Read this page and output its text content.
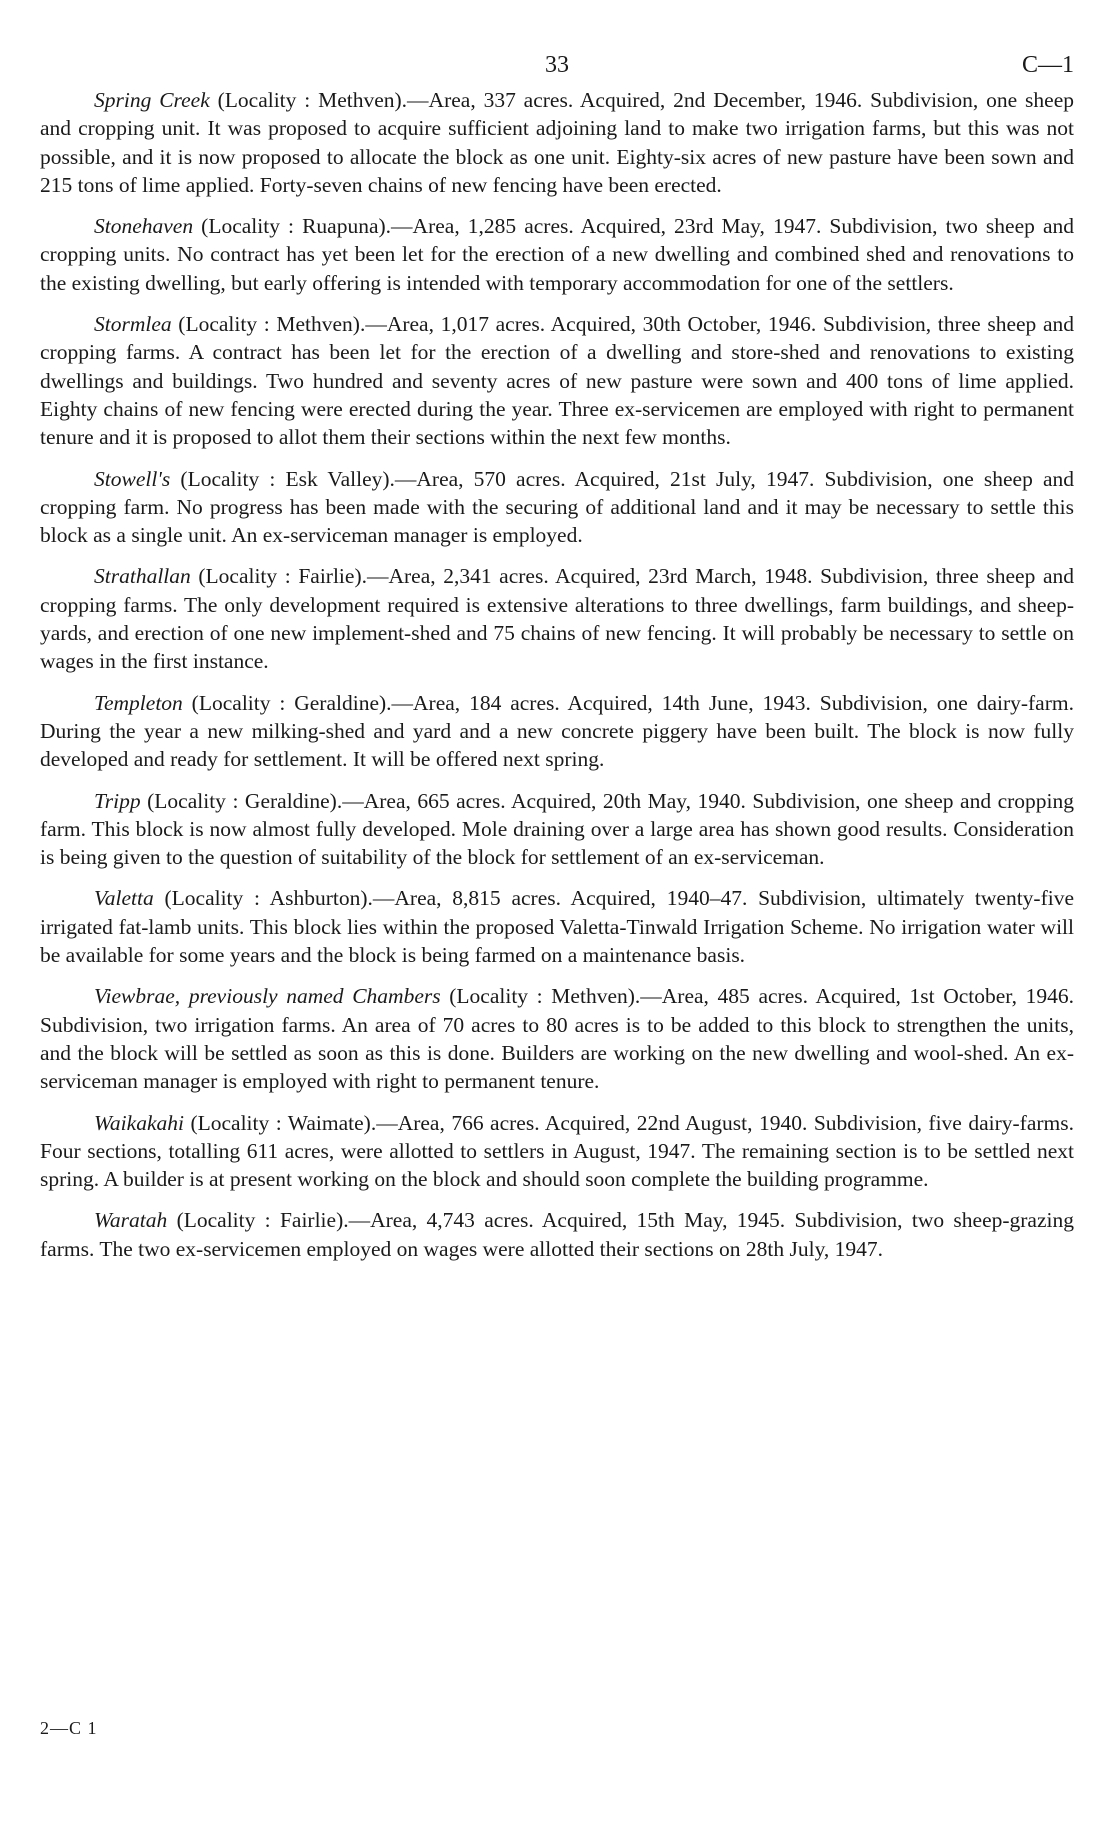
33	C—1

Spring Creek (Locality : Methven).—Area, 337 acres. Acquired, 2nd December, 1946. Subdivision, one sheep and cropping unit. It was proposed to acquire sufficient adjoining land to make two irrigation farms, but this was not possible, and it is now proposed to allocate the block as one unit. Eighty-six acres of new pasture have been sown and 215 tons of lime applied. Forty-seven chains of new fencing have been erected.

Stonehaven (Locality : Ruapuna).—Area, 1,285 acres. Acquired, 23rd May, 1947. Subdivision, two sheep and cropping units. No contract has yet been let for the erection of a new dwelling and combined shed and renovations to the existing dwelling, but early offering is intended with temporary accommodation for one of the settlers.

Stormlea (Locality : Methven).—Area, 1,017 acres. Acquired, 30th October, 1946. Subdivision, three sheep and cropping farms. A contract has been let for the erection of a dwelling and store-shed and renovations to existing dwellings and buildings. Two hundred and seventy acres of new pasture were sown and 400 tons of lime applied. Eighty chains of new fencing were erected during the year. Three ex-servicemen are employed with right to permanent tenure and it is proposed to allot them their sections within the next few months.

Stowell's (Locality : Esk Valley).—Area, 570 acres. Acquired, 21st July, 1947. Subdivision, one sheep and cropping farm. No progress has been made with the securing of additional land and it may be necessary to settle this block as a single unit. An ex-serviceman manager is employed.

Strathallan (Locality : Fairlie).—Area, 2,341 acres. Acquired, 23rd March, 1948. Subdivision, three sheep and cropping farms. The only development required is extensive alterations to three dwellings, farm buildings, and sheep-yards, and erection of one new implement-shed and 75 chains of new fencing. It will probably be necessary to settle on wages in the first instance.

Templeton (Locality : Geraldine).—Area, 184 acres. Acquired, 14th June, 1943. Subdivision, one dairy-farm. During the year a new milking-shed and yard and a new concrete piggery have been built. The block is now fully developed and ready for settlement. It will be offered next spring.

Tripp (Locality : Geraldine).—Area, 665 acres. Acquired, 20th May, 1940. Subdivision, one sheep and cropping farm. This block is now almost fully developed. Mole draining over a large area has shown good results. Consideration is being given to the question of suitability of the block for settlement of an ex-serviceman.

Valetta (Locality : Ashburton).—Area, 8,815 acres. Acquired, 1940–47. Subdivision, ultimately twenty-five irrigated fat-lamb units. This block lies within the proposed Valetta-Tinwald Irrigation Scheme. No irrigation water will be available for some years and the block is being farmed on a maintenance basis.

Viewbrae, previously named Chambers (Locality : Methven).—Area, 485 acres. Acquired, 1st October, 1946. Subdivision, two irrigation farms. An area of 70 acres to 80 acres is to be added to this block to strengthen the units, and the block will be settled as soon as this is done. Builders are working on the new dwelling and wool-shed. An ex-serviceman manager is employed with right to permanent tenure.

Waikakahi (Locality : Waimate).—Area, 766 acres. Acquired, 22nd August, 1940. Subdivision, five dairy-farms. Four sections, totalling 611 acres, were allotted to settlers in August, 1947. The remaining section is to be settled next spring. A builder is at present working on the block and should soon complete the building programme.

Waratah (Locality : Fairlie).—Area, 4,743 acres. Acquired, 15th May, 1945. Subdivision, two sheep-grazing farms. The two ex-servicemen employed on wages were allotted their sections on 28th July, 1947.

2—C 1
